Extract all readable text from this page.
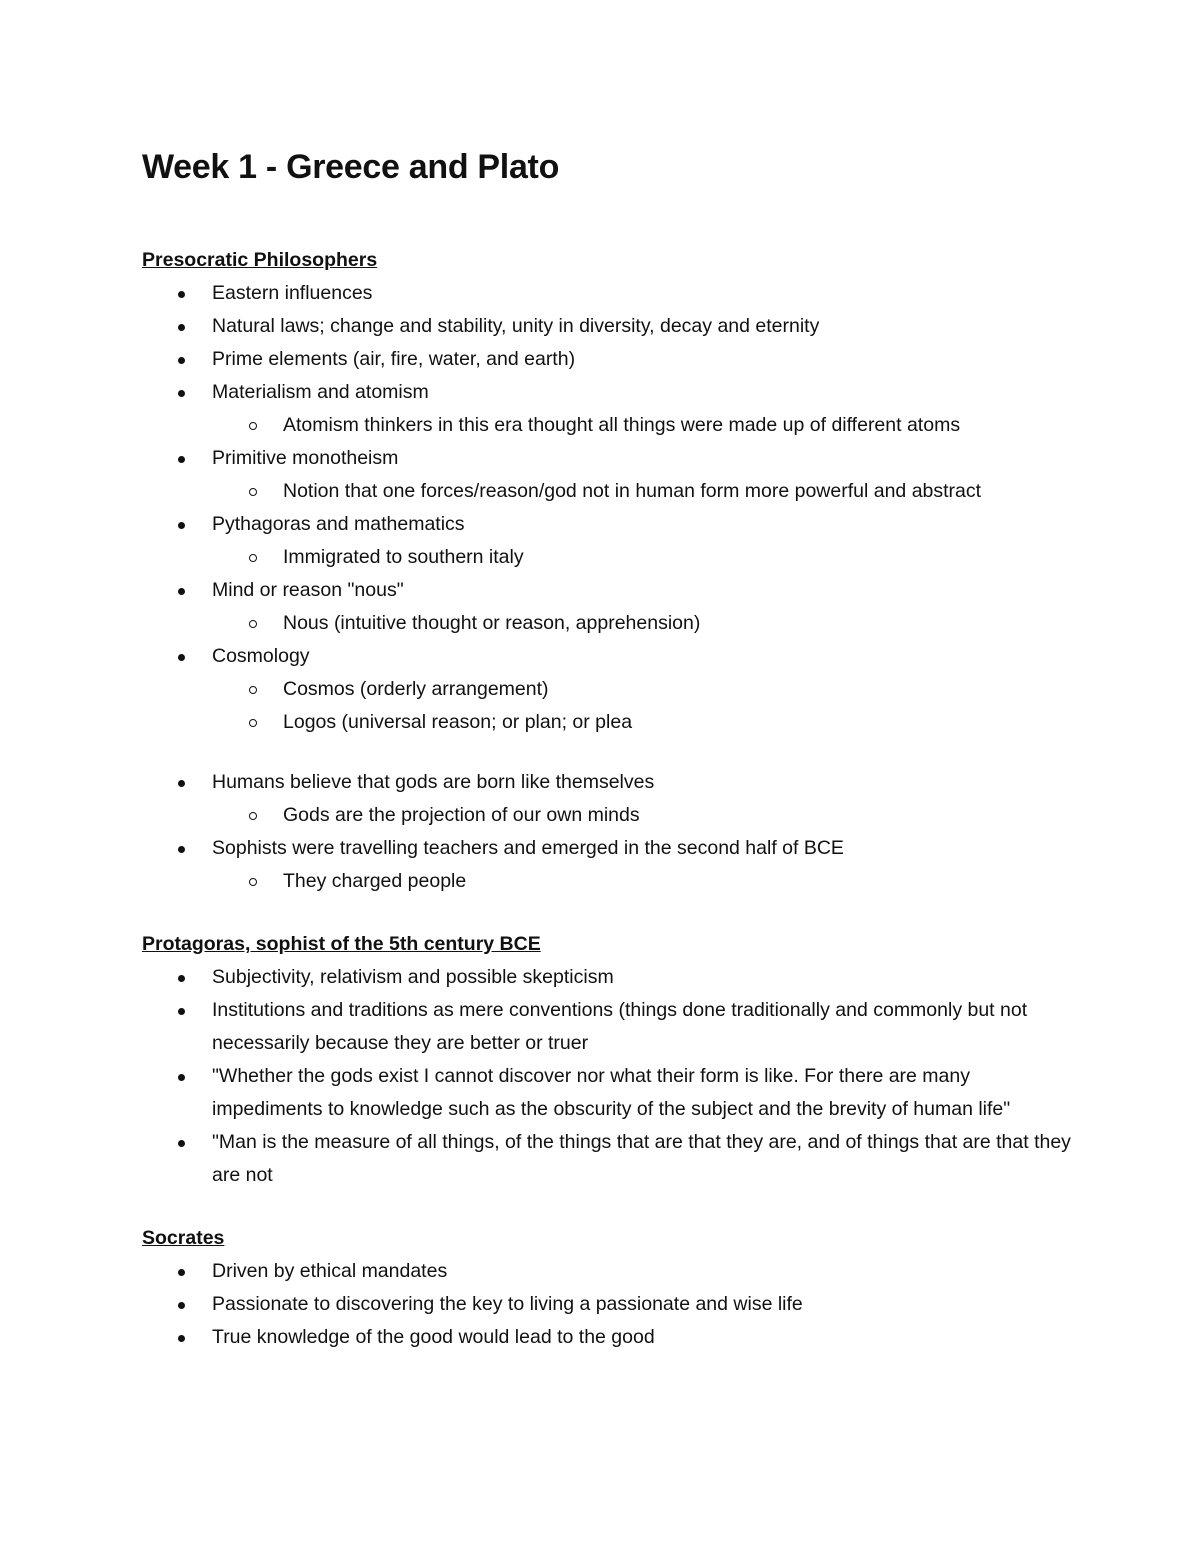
Week 1 - Greece and Plato
Presocratic Philosophers
Eastern influences
Natural laws; change and stability, unity in diversity, decay and eternity
Prime elements (air, fire, water, and earth)
Materialism and atomism
Atomism thinkers in this era thought all things were made up of different atoms
Primitive monotheism
Notion that one forces/reason/god not in human form more powerful and abstract
Pythagoras and mathematics
Immigrated to southern italy
Mind or reason "nous"
Nous (intuitive thought or reason, apprehension)
Cosmology
Cosmos (orderly arrangement)
Logos (universal reason; or plan; or plea
Humans believe that gods are born like themselves
Gods are the projection of our own minds
Sophists were travelling teachers and emerged in the second half of BCE
They charged people
Protagoras, sophist of the 5th century BCE
Subjectivity, relativism and possible skepticism
Institutions and traditions as mere conventions (things done traditionally and commonly but not necessarily because they are better or truer
"Whether the gods exist I cannot discover nor what their form is like. For there are many impediments to knowledge such as the obscurity of the subject and the brevity of human life"
"Man is the measure of all things, of the things that are that they are, and of things that are that they are not
Socrates
Driven by ethical mandates
Passionate to discovering the key to living a passionate and wise life
True knowledge of the good would lead to the good
